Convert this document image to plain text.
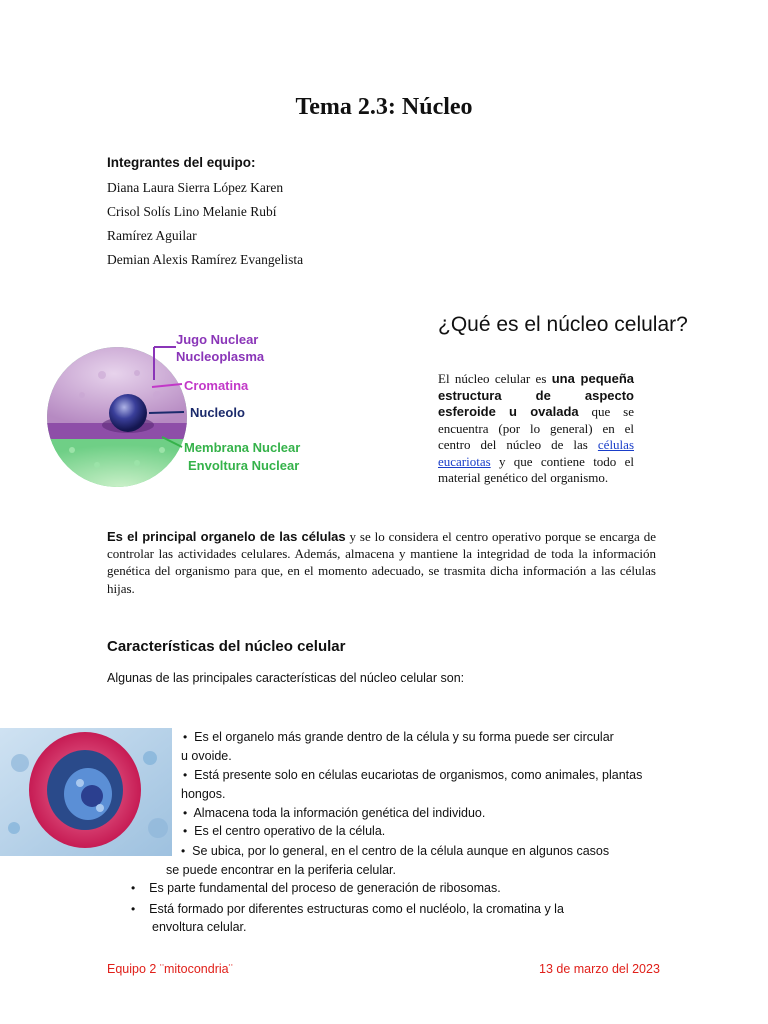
Tema 2.3: Núcleo
Integrantes del equipo:
Diana Laura Sierra López Karen
Crisol Solís Lino Melanie Rubí
Ramírez Aguilar
Demian Alexis Ramírez Evangelista
Jugo Nuclear
Nucleoplasma
Cromatina
Nucleolo
Membrana Nuclear
Envoltura Nuclear
¿Qué es el núcleo celular?
El núcleo celular es una pequeña estructura de aspecto esferoide u ovalada que se encuentra (por lo general) en el centro del núcleo de las células eucariotas y que contiene todo el material genético del organismo.
Es el principal organelo de las células y se lo considera el centro operativo porque se encarga de controlar las actividades celulares. Además, almacena y mantiene la integridad de toda la información genética del organismo para que, en el momento adecuado, se trasmita dicha información a las células hijas.
Características del núcleo celular
Algunas de las principales características del núcleo celular son:
• Es el organelo más grande dentro de la célula y su forma puede ser circular
u ovoide.
• Está presente solo en células eucariotas de organismos, como animales, plantas
hongos.
• Almacena toda la información genética del individuo.
• Es el centro operativo de la célula.
• Se ubica, por lo general, en el centro de la célula aunque en algunos casos
se puede encontrar en la periferia celular.
• Es parte fundamental del proceso de generación de ribosomas.
• Está formado por diferentes estructuras como el nucléolo, la cromatina y la
envoltura celular.
Equipo 2 ¨mitocondria¨	13 de marzo del 2023
